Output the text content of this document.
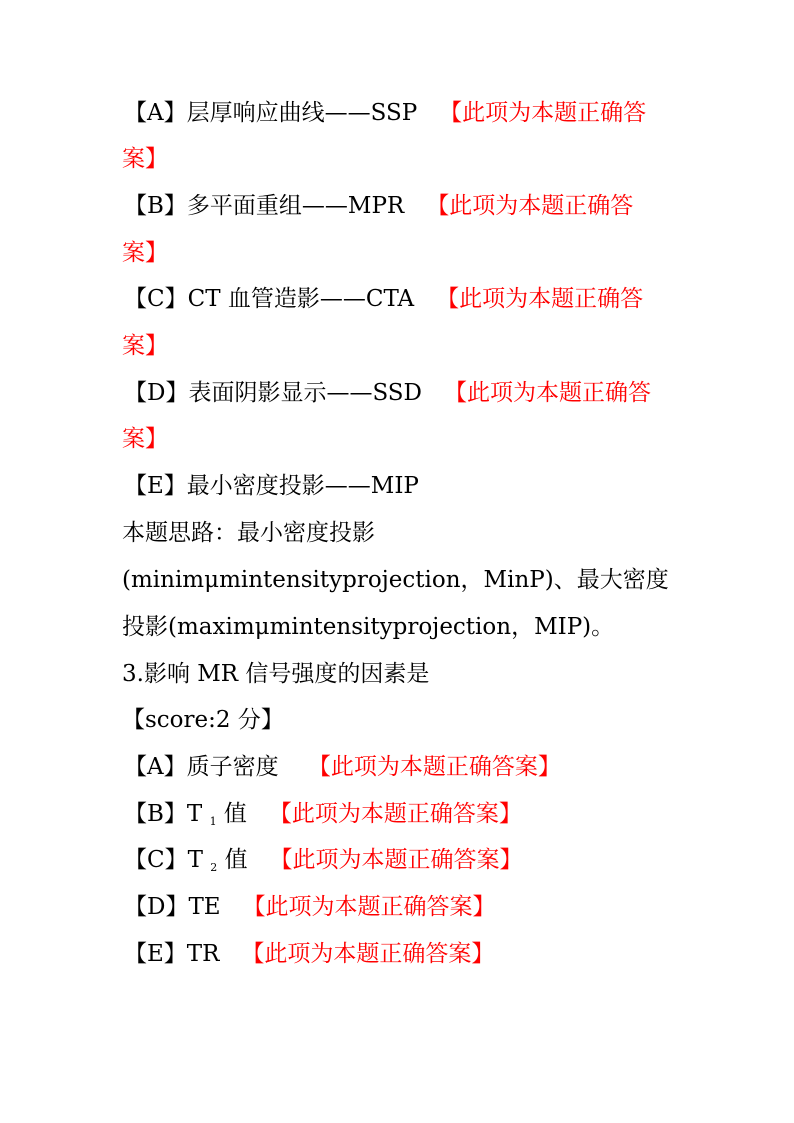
【A】层厚响应曲线——SSP 【此项为本题正确答
案】
【B】多平面重组——MPR 【此项为本题正确答
案】
【C】CT 血管造影——CTA 【此项为本题正确答
案】
【D】表面阴影显示——SSD 【此项为本题正确答
案】
【E】最小密度投影——MIP
本题思路：最小密度投影
(minimμmintensityprojection，MinP)、最大密度
投影(maximμmintensityprojection，MIP)。
3.影响 MR 信号强度的因素是
【score:2 分】
【A】质子密度 【此项为本题正确答案】
【B】T $_1$ 值 【此项为本题正确答案】
【C】T $_2$ 值 【此项为本题正确答案】
【D】TE 【此项为本题正确答案】
【E】TR 【此项为本题正确答案】
